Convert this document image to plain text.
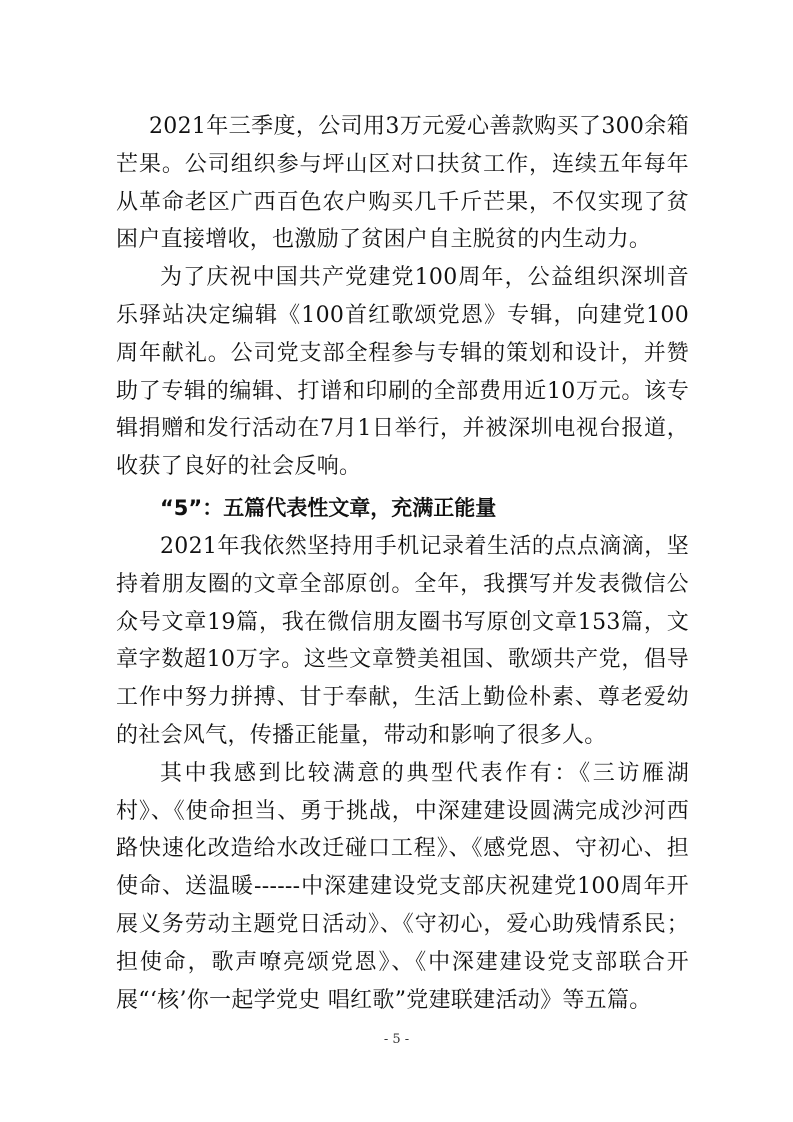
2021年三季度，公司用3万元爱心善款购买了300余箱芒果。公司组织参与坪山区对口扶贫工作，连续五年每年从革命老区广西百色农户购买几千斤芒果，不仅实现了贫困户直接增收，也激励了贫困户自主脱贫的内生动力。

为了庆祝中国共产党建党100周年，公益组织深圳音乐驿站决定编辑《100首红歌颂党恩》专辑，向建党100周年献礼。公司党支部全程参与专辑的策划和设计，并赞助了专辑的编辑、打谱和印刷的全部费用近10万元。该专辑捐赠和发行活动在7月1日举行，并被深圳电视台报道，收获了良好的社会反响。

“5”：五篇代表性文章，充满正能量

2021年我依然坚持用手机记录着生活的点点滴滴，坚持着朋友圈的文章全部原创。全年，我撰写并发表微信公众号文章19篇，我在微信朋友圈书写原创文章153篇，文章字数超10万字。这些文章赞美祖国、歌颂共产党，倡导工作中努力拼搏、甘于奉献，生活上勤俭朴素、尊老爱幼的社会风气，传播正能量，带动和影响了很多人。

其中我感到比较满意的典型代表作有：《三访雁湖村》、《使命担当、勇于挑战，中深建建设圆满完成沙河西路快速化改造给水改迁碰口工程》、《感党恩、守初心、担使命、送温暖------中深建建设党支部庆祝建党100周年开展义务劳动主题党日活动》、《守初心，爱心助残情系民；担使命，歌声嘹亮颂党恩》、《中深建建设党支部联合开展“‘核’你一起学党史 唱红歌”党建联建活动》等五篇。

- 5 -
